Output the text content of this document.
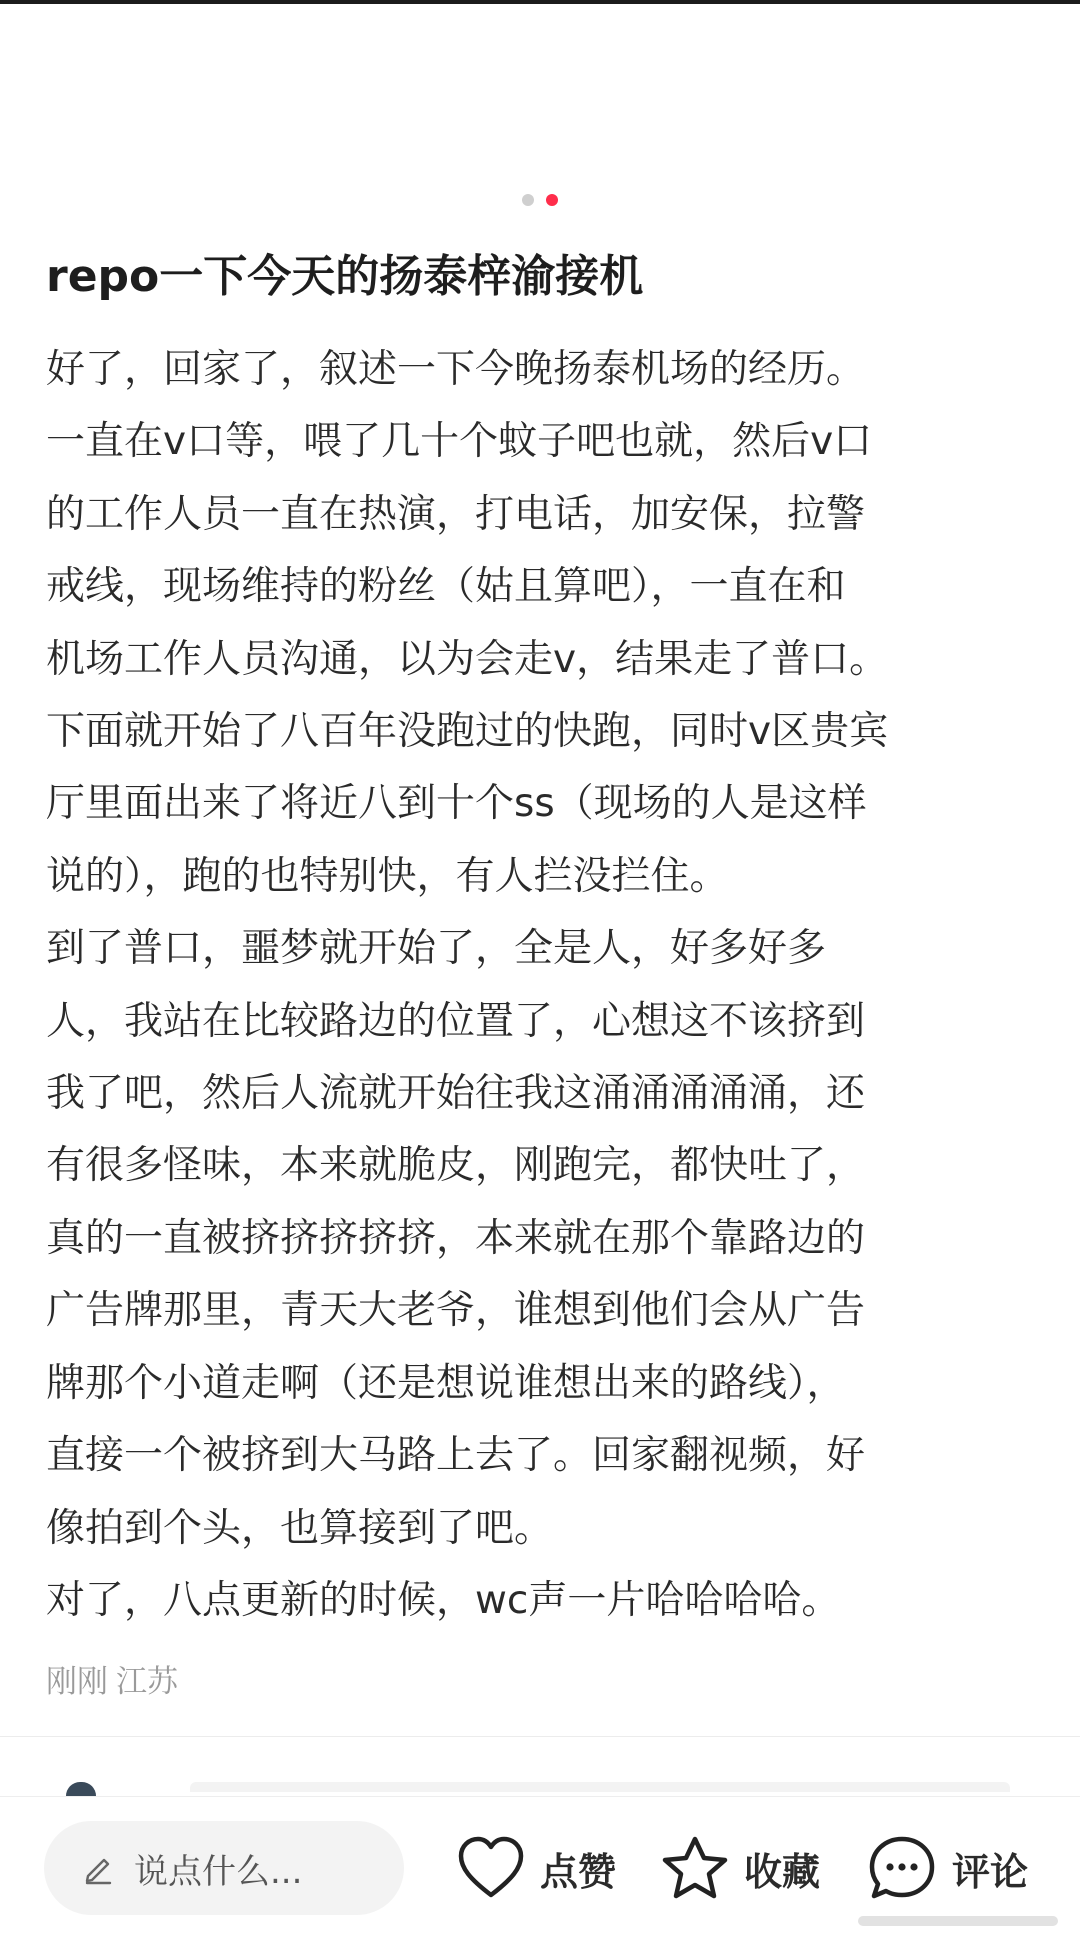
repo一下今天的扬泰梓渝接机
好了，回家了，叙述一下今晚扬泰机场的经历。
一直在v口等，喂了几十个蚊子吧也就，然后v口
的工作人员一直在热演，打电话，加安保，拉警
戒线，现场维持的粉丝（姑且算吧），一直在和
机场工作人员沟通，以为会走v，结果走了普口。
下面就开始了八百年没跑过的快跑，同时v区贵宾
厅里面出来了将近八到十个ss（现场的人是这样
说的），跑的也特别快，有人拦没拦住。
到了普口，噩梦就开始了，全是人，好多好多
人，我站在比较路边的位置了，心想这不该挤到
我了吧，然后人流就开始往我这涌涌涌涌涌，还
有很多怪味，本来就脆皮，刚跑完，都快吐了，
真的一直被挤挤挤挤挤，本来就在那个靠路边的
广告牌那里，青天大老爷，谁想到他们会从广告
牌那个小道走啊（还是想说谁想出来的路线），
直接一个被挤到大马路上去了。回家翻视频，好
像拍到个头，也算接到了吧。
对了，八点更新的时候，wc声一片哈哈哈哈。
刚刚 江苏
说点什么...	点赞	收藏	评论
